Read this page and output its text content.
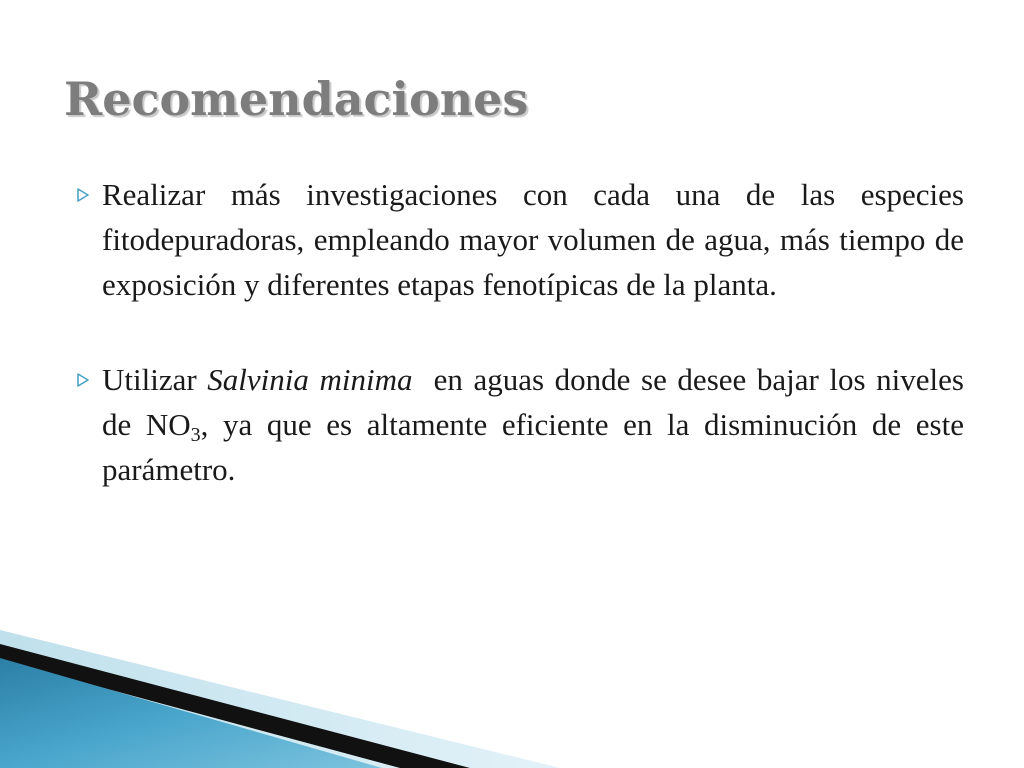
Recomendaciones

Realizar más investigaciones con cada una de las especies fitodepuradoras, empleando mayor volumen de agua, más tiempo de exposición y diferentes etapas fenotípicas de la planta.

Utilizar Salvinia minima  en aguas donde se desee bajar los niveles de $NO_3$, ya que es altamente eficiente en la disminución de este parámetro.
